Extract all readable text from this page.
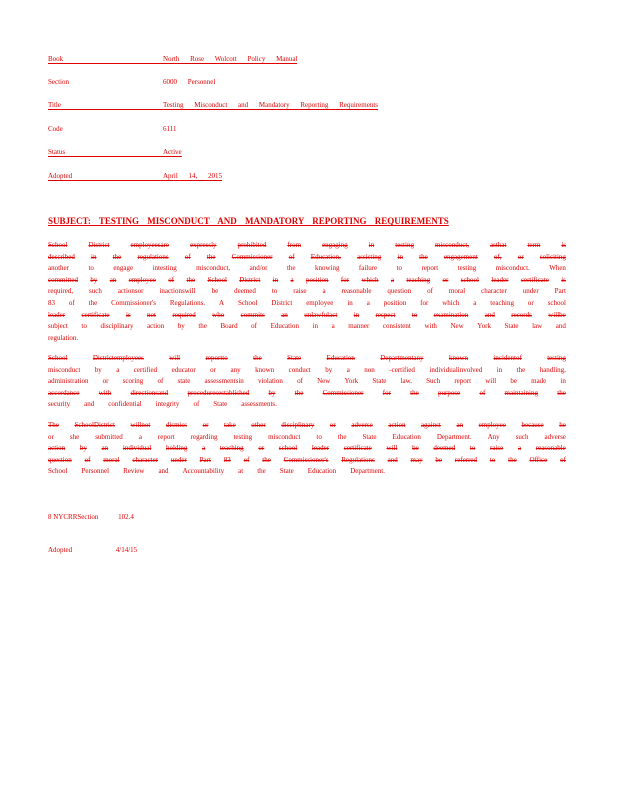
Book	North Rose Wolcott Policy Manual
Section	6000 Personnel
Title	Testing Misconduct and Mandatory Reporting Requirements
Code	6111
Status	Active
Adopted	April 14, 2015
SUBJECT: TESTING MISCONDUCT AND MANDATORY REPORTING REQUIREMENTS
School	District	employeesare	expressly	prohibited	from	engaging	in	testing	misconduct,	asthat	term	is
described in the regulations of the Commissioner of Education, assisting in the engagement of, or soliciting
another	to	engage	intesting	misconduct,	and/or	the	knowing	failure	to	report	testing	misconduct.	When
committed by an employee of the School District in a position for which a teaching or school leader certificate is
required, such actionsor inactionswill be deemed to raise a reasonable question of moral character under Part
83 of the Commissioner's Regulations. A School District employee in a position for which a teaching or school
leader certificate is not required who commits an unlawfulact in respect to examination and records willbe
subject to disciplinary action by the Board of Education in a manner consistent with New York State law and
regulation.
School	Districtemployees	will	reportto	the	State	Education	Departmentany	known	incidentof	testing
misconduct by a certified educator or any known conduct by a non -certified individualinvolved in the handling,
administration or scoring of state assessmentsin violation of New York State law. Such report will be made in
accordance	with	directionsand	proceduresestablished	by	the	Commissioner	for	the	purpose	of	maintaining	the
security and confidential integrity of State assessments.
The SchoolDistrict willnot dismiss or take other disciplinary or adverse action against an employee because he
or she submitted a report regarding testing misconduct to the State Education Department. Any such adverse
action by an individual holding a teaching or school leader certificate will be deemed to raise a reasonable
question of moral character under Part 83 of the Commissioner's Regulations and may be referred to the Office of
School Personnel Review and Accountability at the State Education Department.
8 NYCRRSection	102.4
Adopted	4/14/15
